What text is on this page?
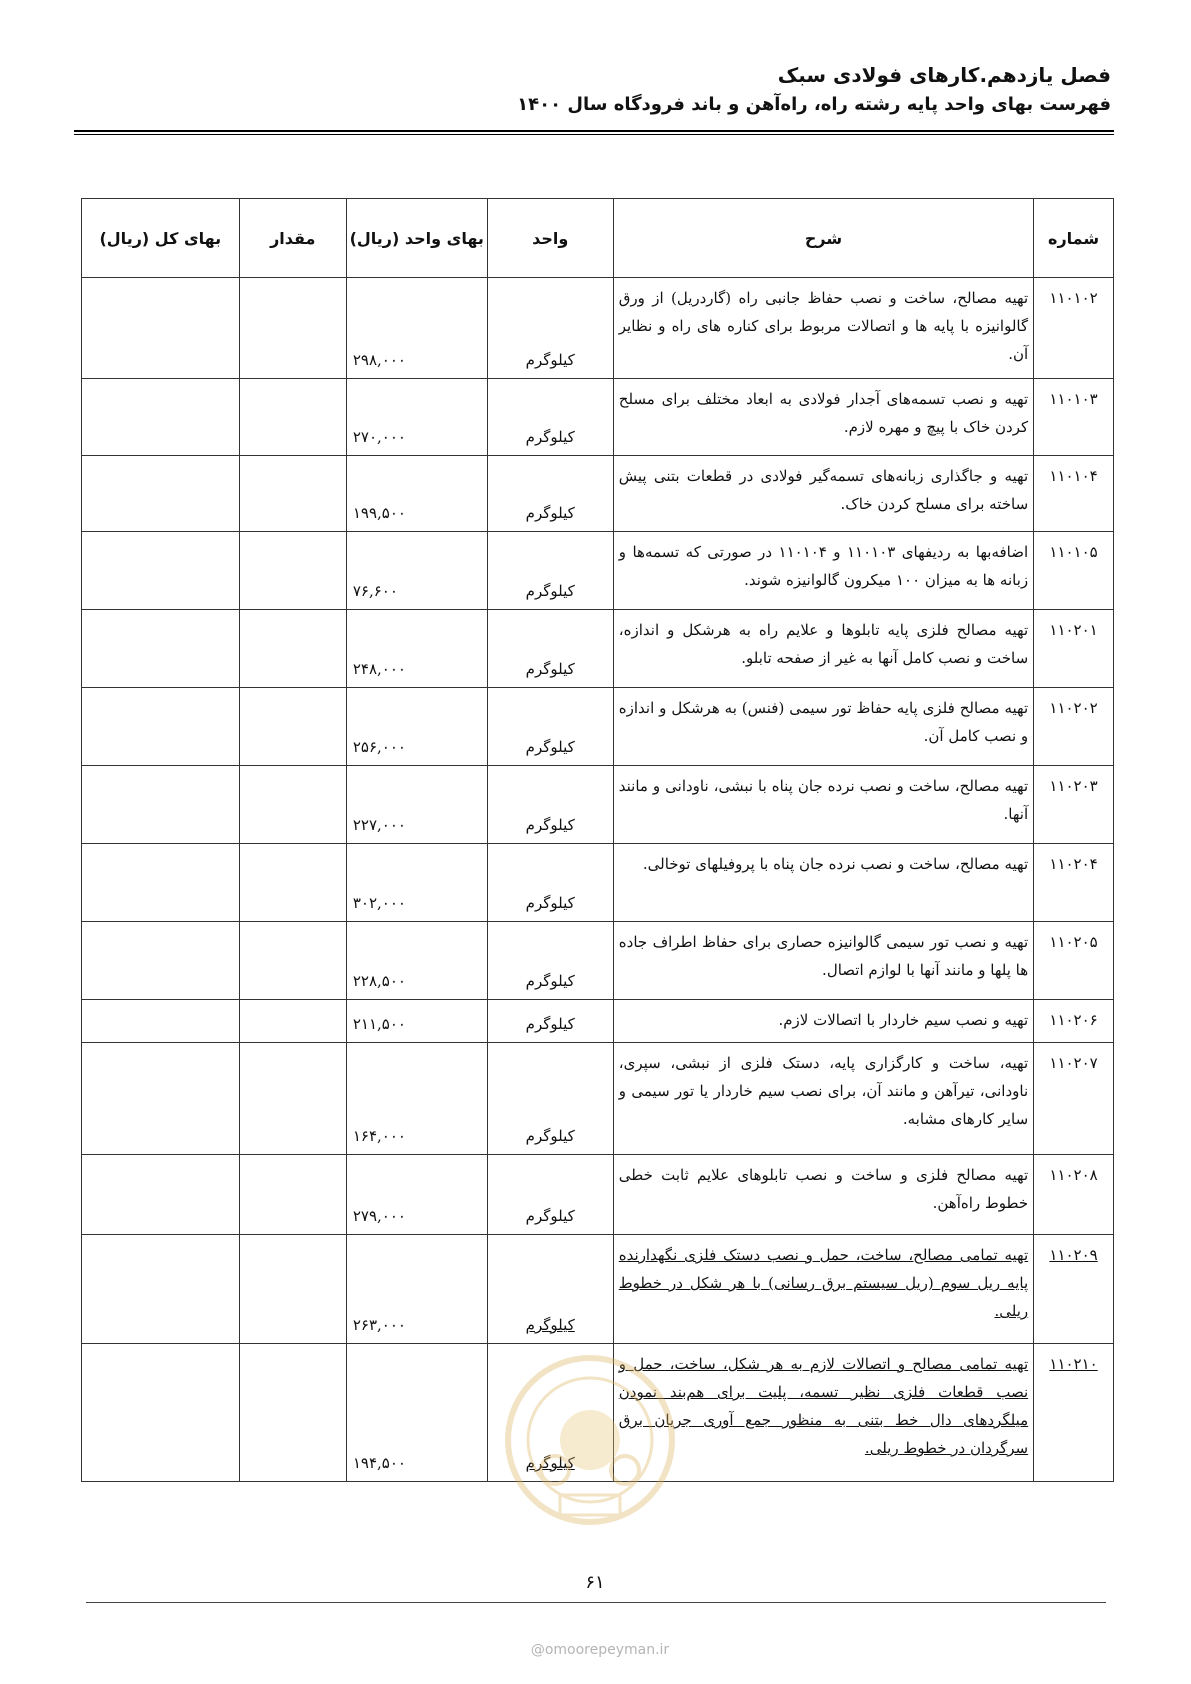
فصل یازدهم.کارهای فولادی سبک
فهرست بهای واحد پایه رشته راه، راه‌آهن و باند فرودگاه سال ۱۴۰۰
شماره	شرح	واحد	بهای واحد (ریال)	مقدار	بهای کل (ریال)
۱۱۰۱۰۲	تهیه مصالح، ساخت و نصب حفاظ جانبی راه (گاردریل) از ورق گالوانیزه با پایه ها و اتصالات مربوط برای کناره های راه و نظایر آن.	کیلوگرم	۲۹۸,۰۰۰		
۱۱۰۱۰۳	تهیه و نصب تسمه‌های آجدار فولادی به ابعاد مختلف برای مسلح کردن خاک با پیچ و مهره لازم.	کیلوگرم	۲۷۰,۰۰۰		
۱۱۰۱۰۴	تهیه و جاگذاری زبانه‌های تسمه‌گیر فولادی در قطعات بتنی پیش ساخته برای مسلح کردن خاک.	کیلوگرم	۱۹۹,۵۰۰		
۱۱۰۱۰۵	اضافه‌بها به ردیفهای ۱۱۰۱۰۳ و ۱۱۰۱۰۴ در صورتی که تسمه‌ها و زبانه ها به میزان ۱۰۰ میکرون گالوانیزه شوند.	کیلوگرم	۷۶,۶۰۰		
۱۱۰۲۰۱	تهیه مصالح فلزی پایه تابلوها و علایم راه به هرشکل و اندازه، ساخت و نصب کامل آنها به غیر از صفحه تابلو.	کیلوگرم	۲۴۸,۰۰۰		
۱۱۰۲۰۲	تهیه مصالح فلزی پایه حفاظ تور سیمی (فنس) به هرشکل و اندازه و نصب کامل آن.	کیلوگرم	۲۵۶,۰۰۰		
۱۱۰۲۰۳	تهیه مصالح، ساخت و نصب نرده جان پناه با نبشی، ناودانی و مانند آنها.	کیلوگرم	۲۲۷,۰۰۰		
۱۱۰۲۰۴	تهیه مصالح، ساخت و نصب نرده جان پناه با پروفیلهای توخالی.	کیلوگرم	۳۰۲,۰۰۰		
۱۱۰۲۰۵	تهیه و نصب تور سیمی گالوانیزه حصاری برای حفاظ اطراف جاده ها پلها و مانند آنها با لوازم اتصال.	کیلوگرم	۲۲۸,۵۰۰		
۱۱۰۲۰۶	تهیه و نصب سیم خاردار با اتصالات لازم.	کیلوگرم	۲۱۱,۵۰۰		
۱۱۰۲۰۷	تهیه، ساخت و کارگزاری پایه، دستک فلزی از نبشی، سپری، ناودانی، تیرآهن و مانند آن، برای نصب سیم خاردار یا تور سیمی و سایر کارهای مشابه.	کیلوگرم	۱۶۴,۰۰۰		
۱۱۰۲۰۸	تهیه مصالح فلزی و ساخت و نصب تابلوهای علایم ثابت خطی خطوط راه‌آهن.	کیلوگرم	۲۷۹,۰۰۰		
۱۱۰۲۰۹	تهیه تمامی مصالح، ساخت، حمل و نصب دستک فلزی نگهدارنده پایه ریل سوم (ریل سیستم برق رسانی) با هر شکل در خطوط ریلی.	کیلوگرم	۲۶۳,۰۰۰		
۱۱۰۲۱۰	تهیه تمامی مصالح و اتصالات لازم به هر شکل، ساخت، حمل و نصب قطعات فلزی نظیر تسمه، پلیت برای هم‌بند نمودن میلگردهای دال خط بتنی به منظور جمع آوری جریان برق سرگردان در خطوط ریلی.	کیلوگرم	۱۹۴,۵۰۰		
۶۱
@omoorepeyman.ir
